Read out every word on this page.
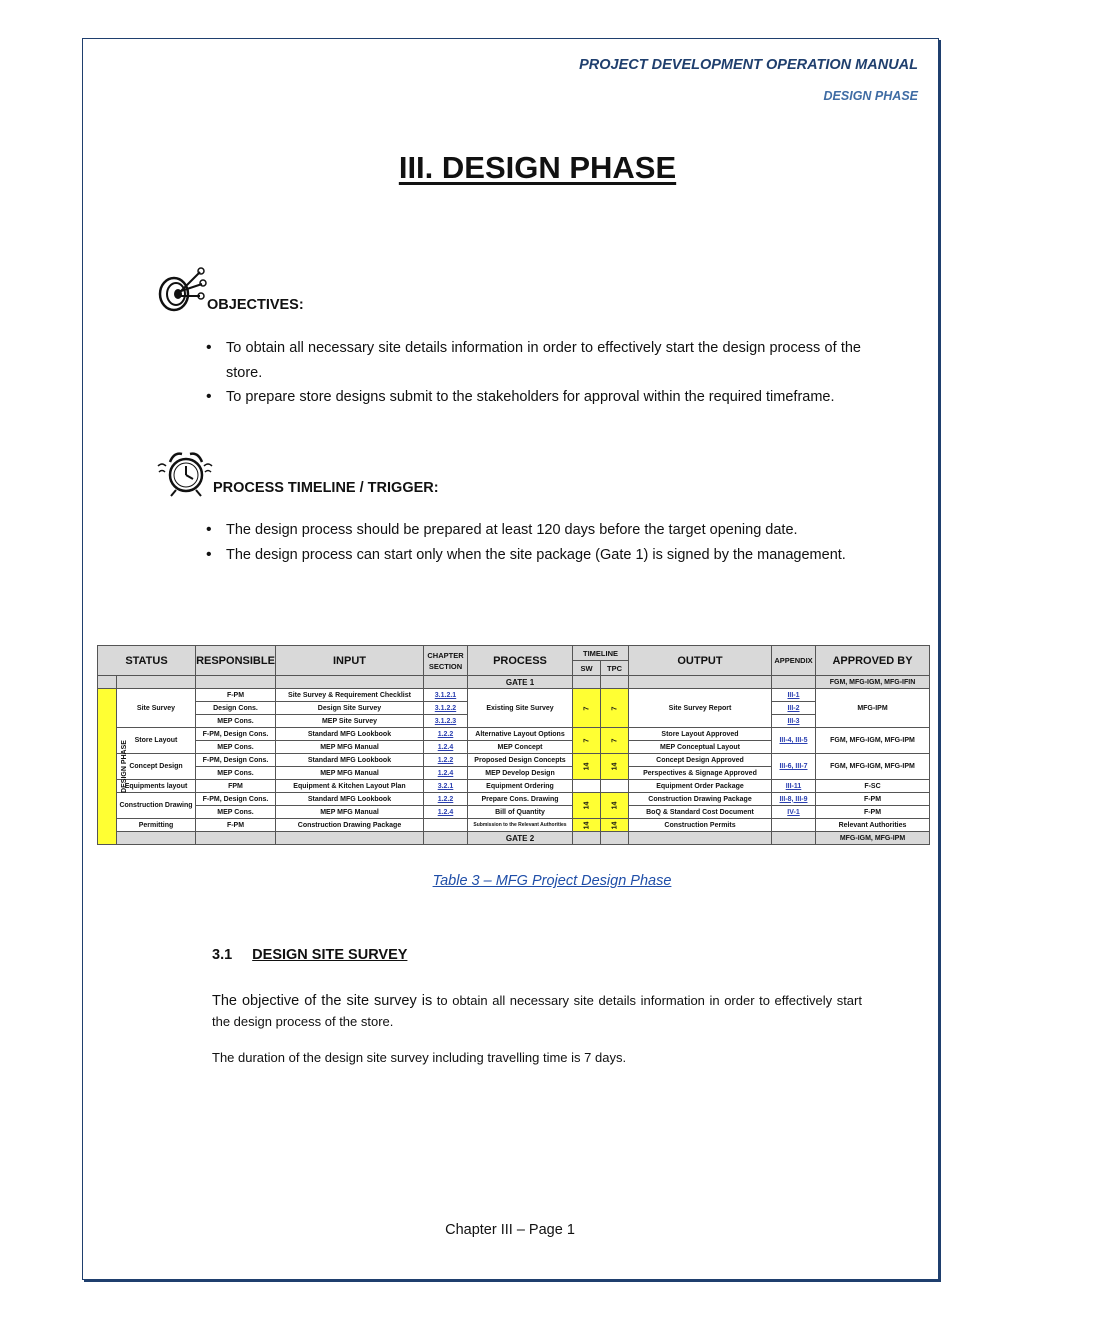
PROJECT DEVELOPMENT OPERATION MANUAL
DESIGN PHASE
III. DESIGN PHASE
OBJECTIVES:
• To obtain all necessary site details information in order to effectively start the design process of the store.
• To prepare store designs submit to the stakeholders for approval within the required timeframe.
PROCESS TIMELINE / TRIGGER:
• The design process should be prepared at least 120 days before the target opening date.
• The design process can start only when the site package (Gate 1) is signed by the management.
STATUS		RESPONSIBLE	INPUT	CHAPTER SECTION	PROCESS	TIMELINE		OUTPUT	APPENDIX	APPROVED BY
						SW	TPC			
					GATE 1					FGM, MFG-IGM, MFG-IFIN
DESIGN PHASE	Site Survey	F-PM	Site Survey & Requirement Checklist	3.1.2.1	Existing Site Survey	7	7	Site Survey Report	III-1	MFG-IPM
		Design Cons.	Design Site Survey	3.1.2.2					III-2	
		MEP Cons.	MEP Site Survey	3.1.2.3					III-3	
	Store Layout	F-PM, Design Cons.	Standard MFG Lookbook	1.2.2	Alternative Layout Options	7	7	Store Layout Approved	III-4, III-5	FGM, MFG-IGM, MFG-IPM
		MEP Cons.	MEP MFG Manual	1.2.4	MEP Concept			MEP Conceptual Layout		
	Concept Design	F-PM, Design Cons.	Standard MFG Lookbook	1.2.2	Proposed Design Concepts	14	14	Concept Design Approved	III-6, III-7	FGM, MFG-IGM, MFG-IPM
		MEP Cons.	MEP MFG Manual	1.2.4	MEP Develop Design			Perspectives & Signage Approved		
	Equipments layout	FPM	Equipment & Kitchen Layout Plan	3.2.1	Equipment Ordering			Equipment Order Package	III-11	F-SC
	Construction Drawing	F-PM, Design Cons.	Standard MFG Lookbook	1.2.2	Prepare Cons. Drawing	14	14	Construction Drawing Package	III-8, III-9	F-PM
		MEP Cons.	MEP MFG Manual	1.2.4	Bill of Quantity			BoQ & Standard Cost Document	IV-1	F-PM
	Permitting	F-PM	Construction Drawing Package		Submission to the Relevant Authorities	14	14	Construction Permits		Relevant Authorities
					GATE 2					MFG-IGM, MFG-IPM
Table 3 – MFG Project Design Phase
3.1 DESIGN SITE SURVEY
The objective of the site survey is to obtain all necessary site details information in order to effectively start the design process of the store.
The duration of the design site survey including travelling time is 7 days.
Chapter III – Page 1
